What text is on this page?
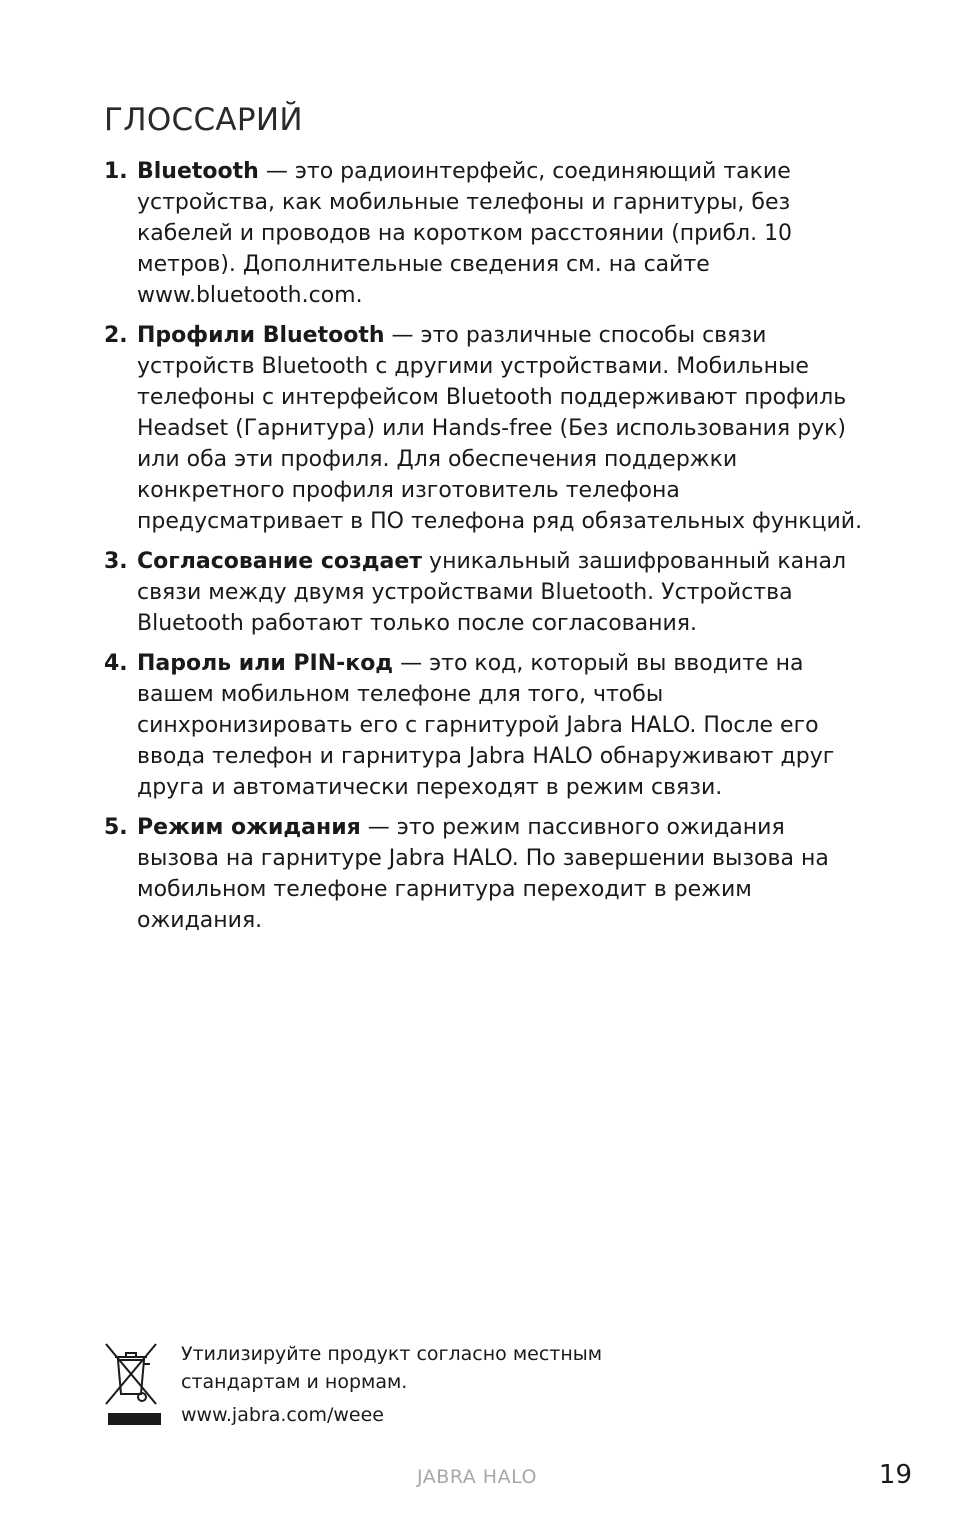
ГЛОССАРИЙ
1. Bluetooth — это радиоинтерфейс, соединяющий такие устройства, как мобильные телефоны и гарнитуры, без кабелей и проводов на коротком расстоянии (прибл. 10 метров). Дополнительные сведения см. на сайте www.bluetooth.com.
2. Профили Bluetooth — это различные способы связи устройств Bluetooth с другими устройствами. Мобильные телефоны с интерфейсом Bluetooth поддерживают профиль Headset (Гарнитура) или Hands-free (Без использования рук) или оба эти профиля. Для обеспечения поддержки конкретного профиля изготовитель телефона предусматривает в ПО телефона ряд обязательных функций.
3. Согласование создает уникальный зашифрованный канал связи между двумя устройствами Bluetooth. Устройства Bluetooth работают только после согласования.
4. Пароль или PIN-код — это код, который вы вводите на вашем мобильном телефоне для того, чтобы синхронизировать его с гарнитурой Jabra HALO. После его ввода телефон и гарнитура Jabra HALO обнаруживают друг друга и автоматически переходят в режим связи.
5. Режим ожидания — это режим пассивного ожидания вызова на гарнитуре Jabra HALO. По завершении вызова на мобильном телефоне гарнитура переходит в режим ожидания.
Утилизируйте продукт согласно местным
стандартам и нормам.
www.jabra.com/weee
JABRA HALO	19
